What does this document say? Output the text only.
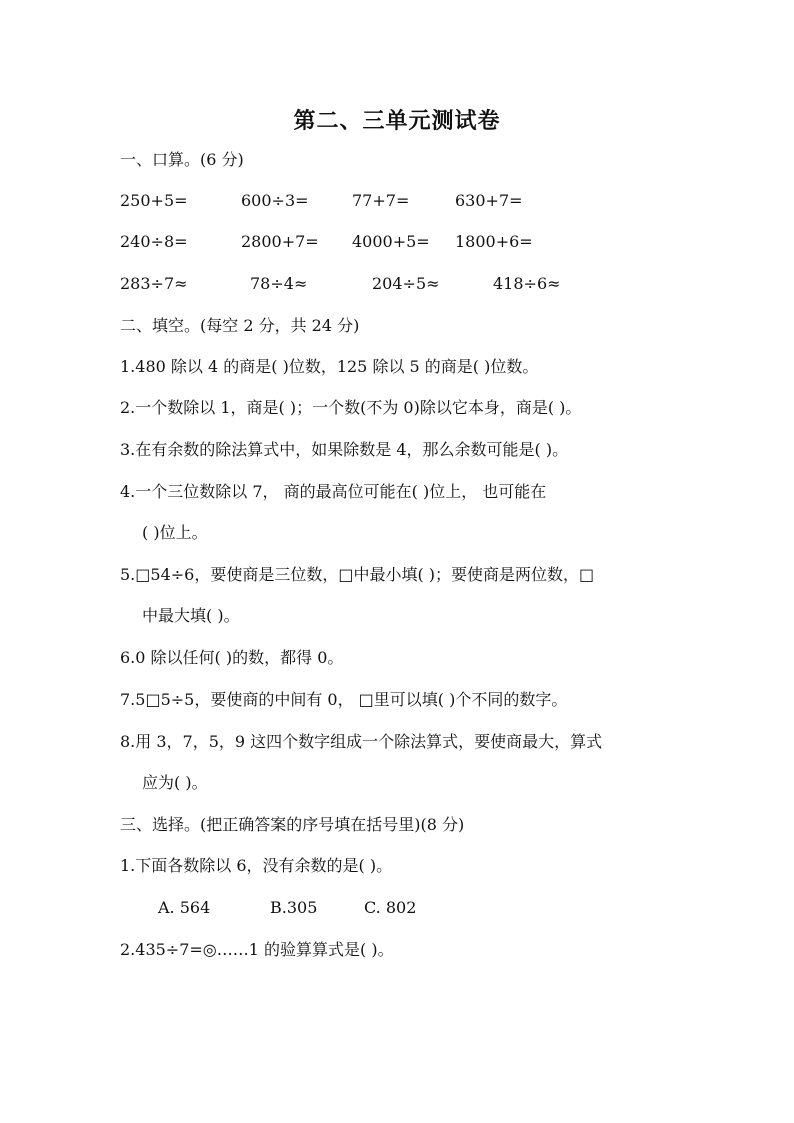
第二、三单元测试卷
一、口算。(6 分)
250+5=	600÷3=	77+7=	630+7=
240÷8=	2800+7= 4000+5= 1800+6=
283÷7≈	78÷4≈	204÷5≈	418÷6≈
二、填空。(每空 2 分，共 24 分)
1.480 除以 4 的商是( )位数，125 除以 5 的商是( )位数。
2.一个数除以 1，商是( )；一个数(不为 0)除以它本身，商是( )。
3.在有余数的除法算式中，如果除数是 4，那么余数可能是( )。
4.一个三位数除以 7， 商的最高位可能在( )位上， 也可能在
( )位上。
5.□54÷6，要使商是三位数，□中最小填( )；要使商是两位数，□
中最大填( )。
6.0 除以任何( )的数，都得 0。
7.5□5÷5，要使商的中间有 0， □里可以填( )个不同的数字。
8.用 3，7，5，9 这四个数字组成一个除法算式，要使商最大，算式
应为( )。
三、选择。(把正确答案的序号填在括号里)(8 分)
1.下面各数除以 6，没有余数的是( )。
A. 564	B.305	C. 802
2.435÷7=◎……1 的验算算式是( )。
